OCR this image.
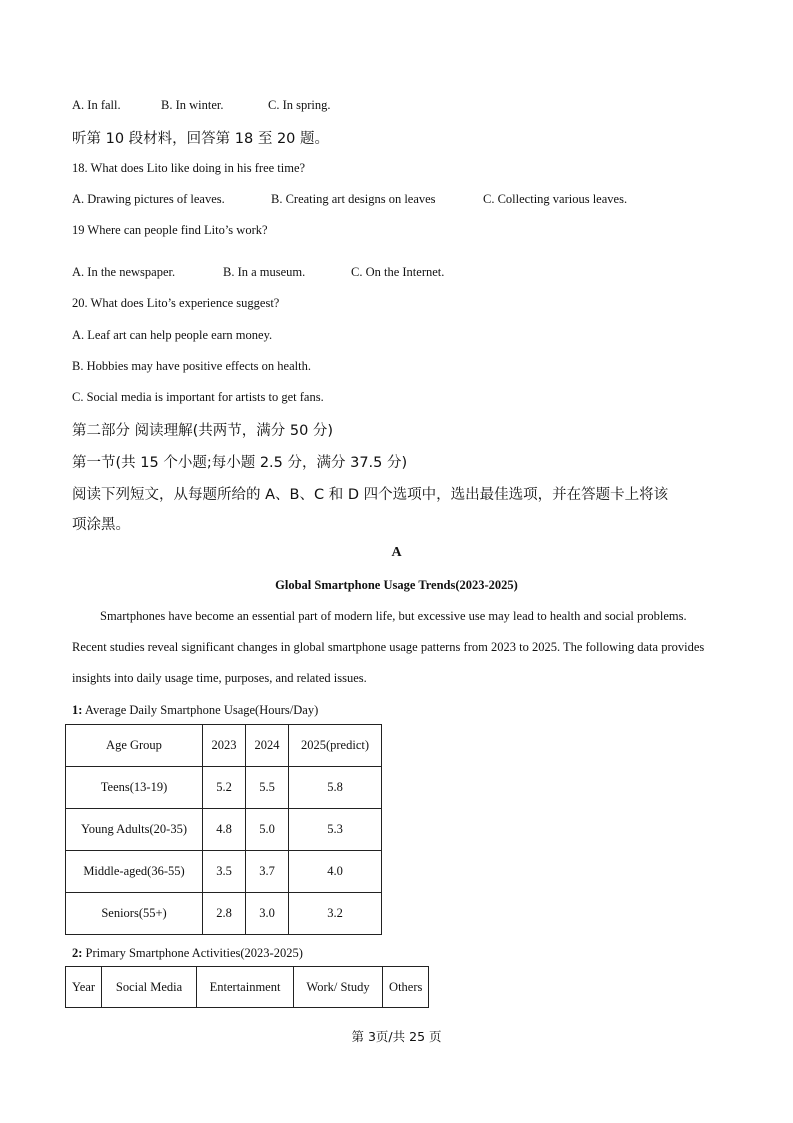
A. In fall.	B. In winter.	C. In spring.
听第 10 段材料，回答第 18 至 20 题。
18. What does Lito like doing in his free time?
A. Drawing pictures of leaves.	B. Creating art designs on leaves	C. Collecting various leaves.
19 Where can people find Lito’s work?
A. In the newspaper.	B. In a museum.	C. On the Internet.
20. What does Lito’s experience suggest?
A. Leaf art can help people earn money.
B. Hobbies may have positive effects on health.
C. Social media is important for artists to get fans.
第二部分 阅读理解(共两节，满分 50 分)
第一节(共 15 个小题;每小题 2.5 分，满分 37.5 分)
阅读下列短文，从每题所给的 A、B、C 和 D 四个选项中，选出最佳选项，并在答题卡上将该
项涂黑。
A
Global Smartphone Usage Trends(2023-2025)
Smartphones have become an essential part of modern life, but excessive use may lead to health and social problems. Recent studies reveal significant changes in global smartphone usage patterns from 2023 to 2025. The following data provides insights into daily usage time, purposes, and related issues.
1: Average Daily Smartphone Usage(Hours/Day)
Age Group	2023	2024	2025(predict)
Teens(13-19)	5.2	5.5	5.8
Young Adults(20-35)	4.8	5.0	5.3
Middle-aged(36-55)	3.5	3.7	4.0
Seniors(55+)	2.8	3.0	3.2
2: Primary Smartphone Activities(2023-2025)
Year	Social Media	Entertainment	Work/ Study	Others
第 3页/共 25 页
